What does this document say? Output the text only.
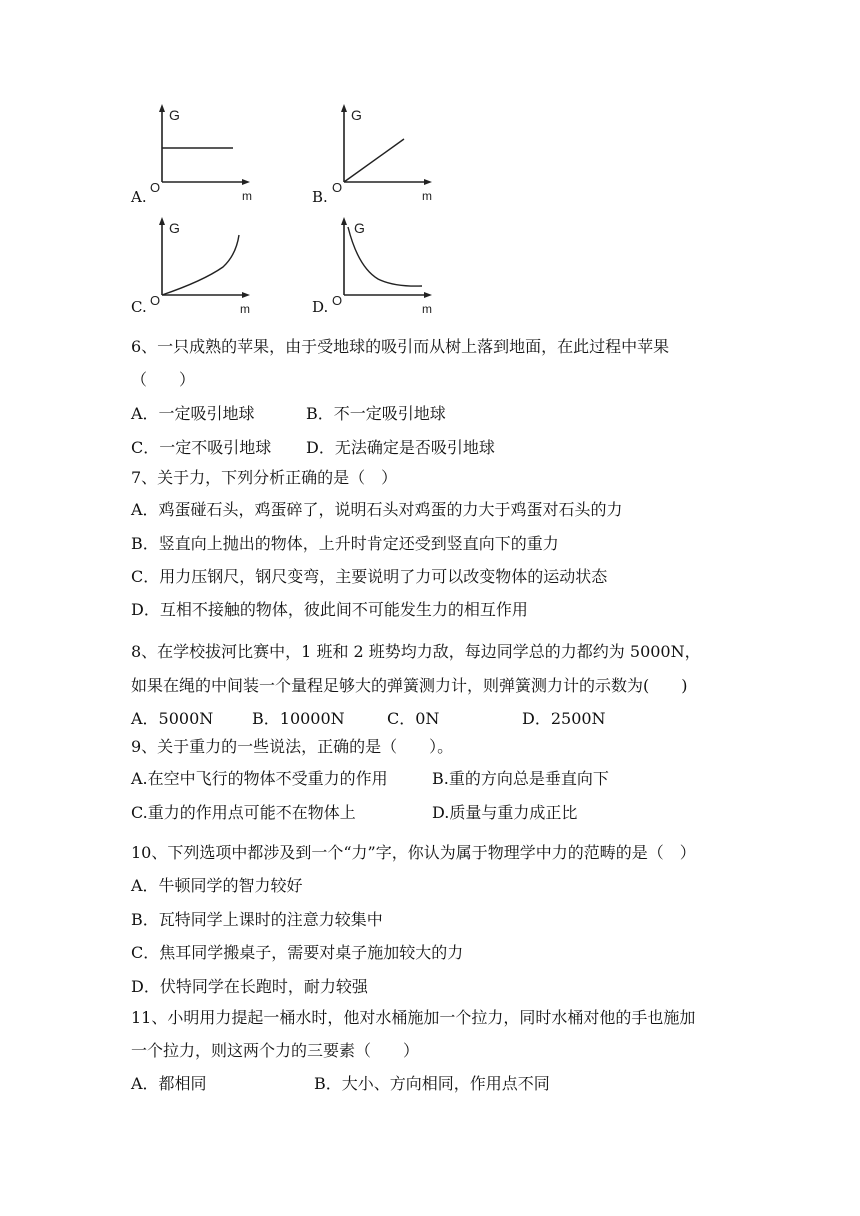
A.
G
O
m	B.
G
O
m
C.
G
O
m	D.
G
O
m
6、一只成熟的苹果，由于受地球的吸引而从树上落到地面，在此过程中苹果
（　　）
A．一定吸引地球	B．不一定吸引地球
C．一定不吸引地球 D．无法确定是否吸引地球
7、关于力，下列分析正确的是（　）
A．鸡蛋碰石头，鸡蛋碎了，说明石头对鸡蛋的力大于鸡蛋对石头的力
B．竖直向上抛出的物体，上升时肯定还受到竖直向下的重力
C．用力压钢尺，钢尺变弯，主要说明了力可以改变物体的运动状态
D．互相不接触的物体，彼此间不可能发生力的相互作用
8、在学校拔河比赛中，1 班和 2 班势均力敌，每边同学总的力都约为 5000N，
如果在绳的中间装一个量程足够大的弹簧测力计，则弹簧测力计的示数为(　　)
A．5000N B．10000N	C．0N	D．2500N
9、关于重力的一些说法，正确的是（　　）。
A.在空中飞行的物体不受重力的作用	B.重的方向总是垂直向下
C.重力的作用点可能不在物体上	D.质量与重力成正比
10、下列选项中都涉及到一个“力”字，你认为属于物理学中力的范畴的是（　）
A．牛顿同学的智力较好
B．瓦特同学上课时的注意力较集中
C．焦耳同学搬桌子，需要对桌子施加较大的力
D．伏特同学在长跑时，耐力较强
11、小明用力提起一桶水时，他对水桶施加一个拉力，同时水桶对他的手也施加
一个拉力，则这两个力的三要素（　　）
A．都相同	B．大小、方向相同，作用点不同
